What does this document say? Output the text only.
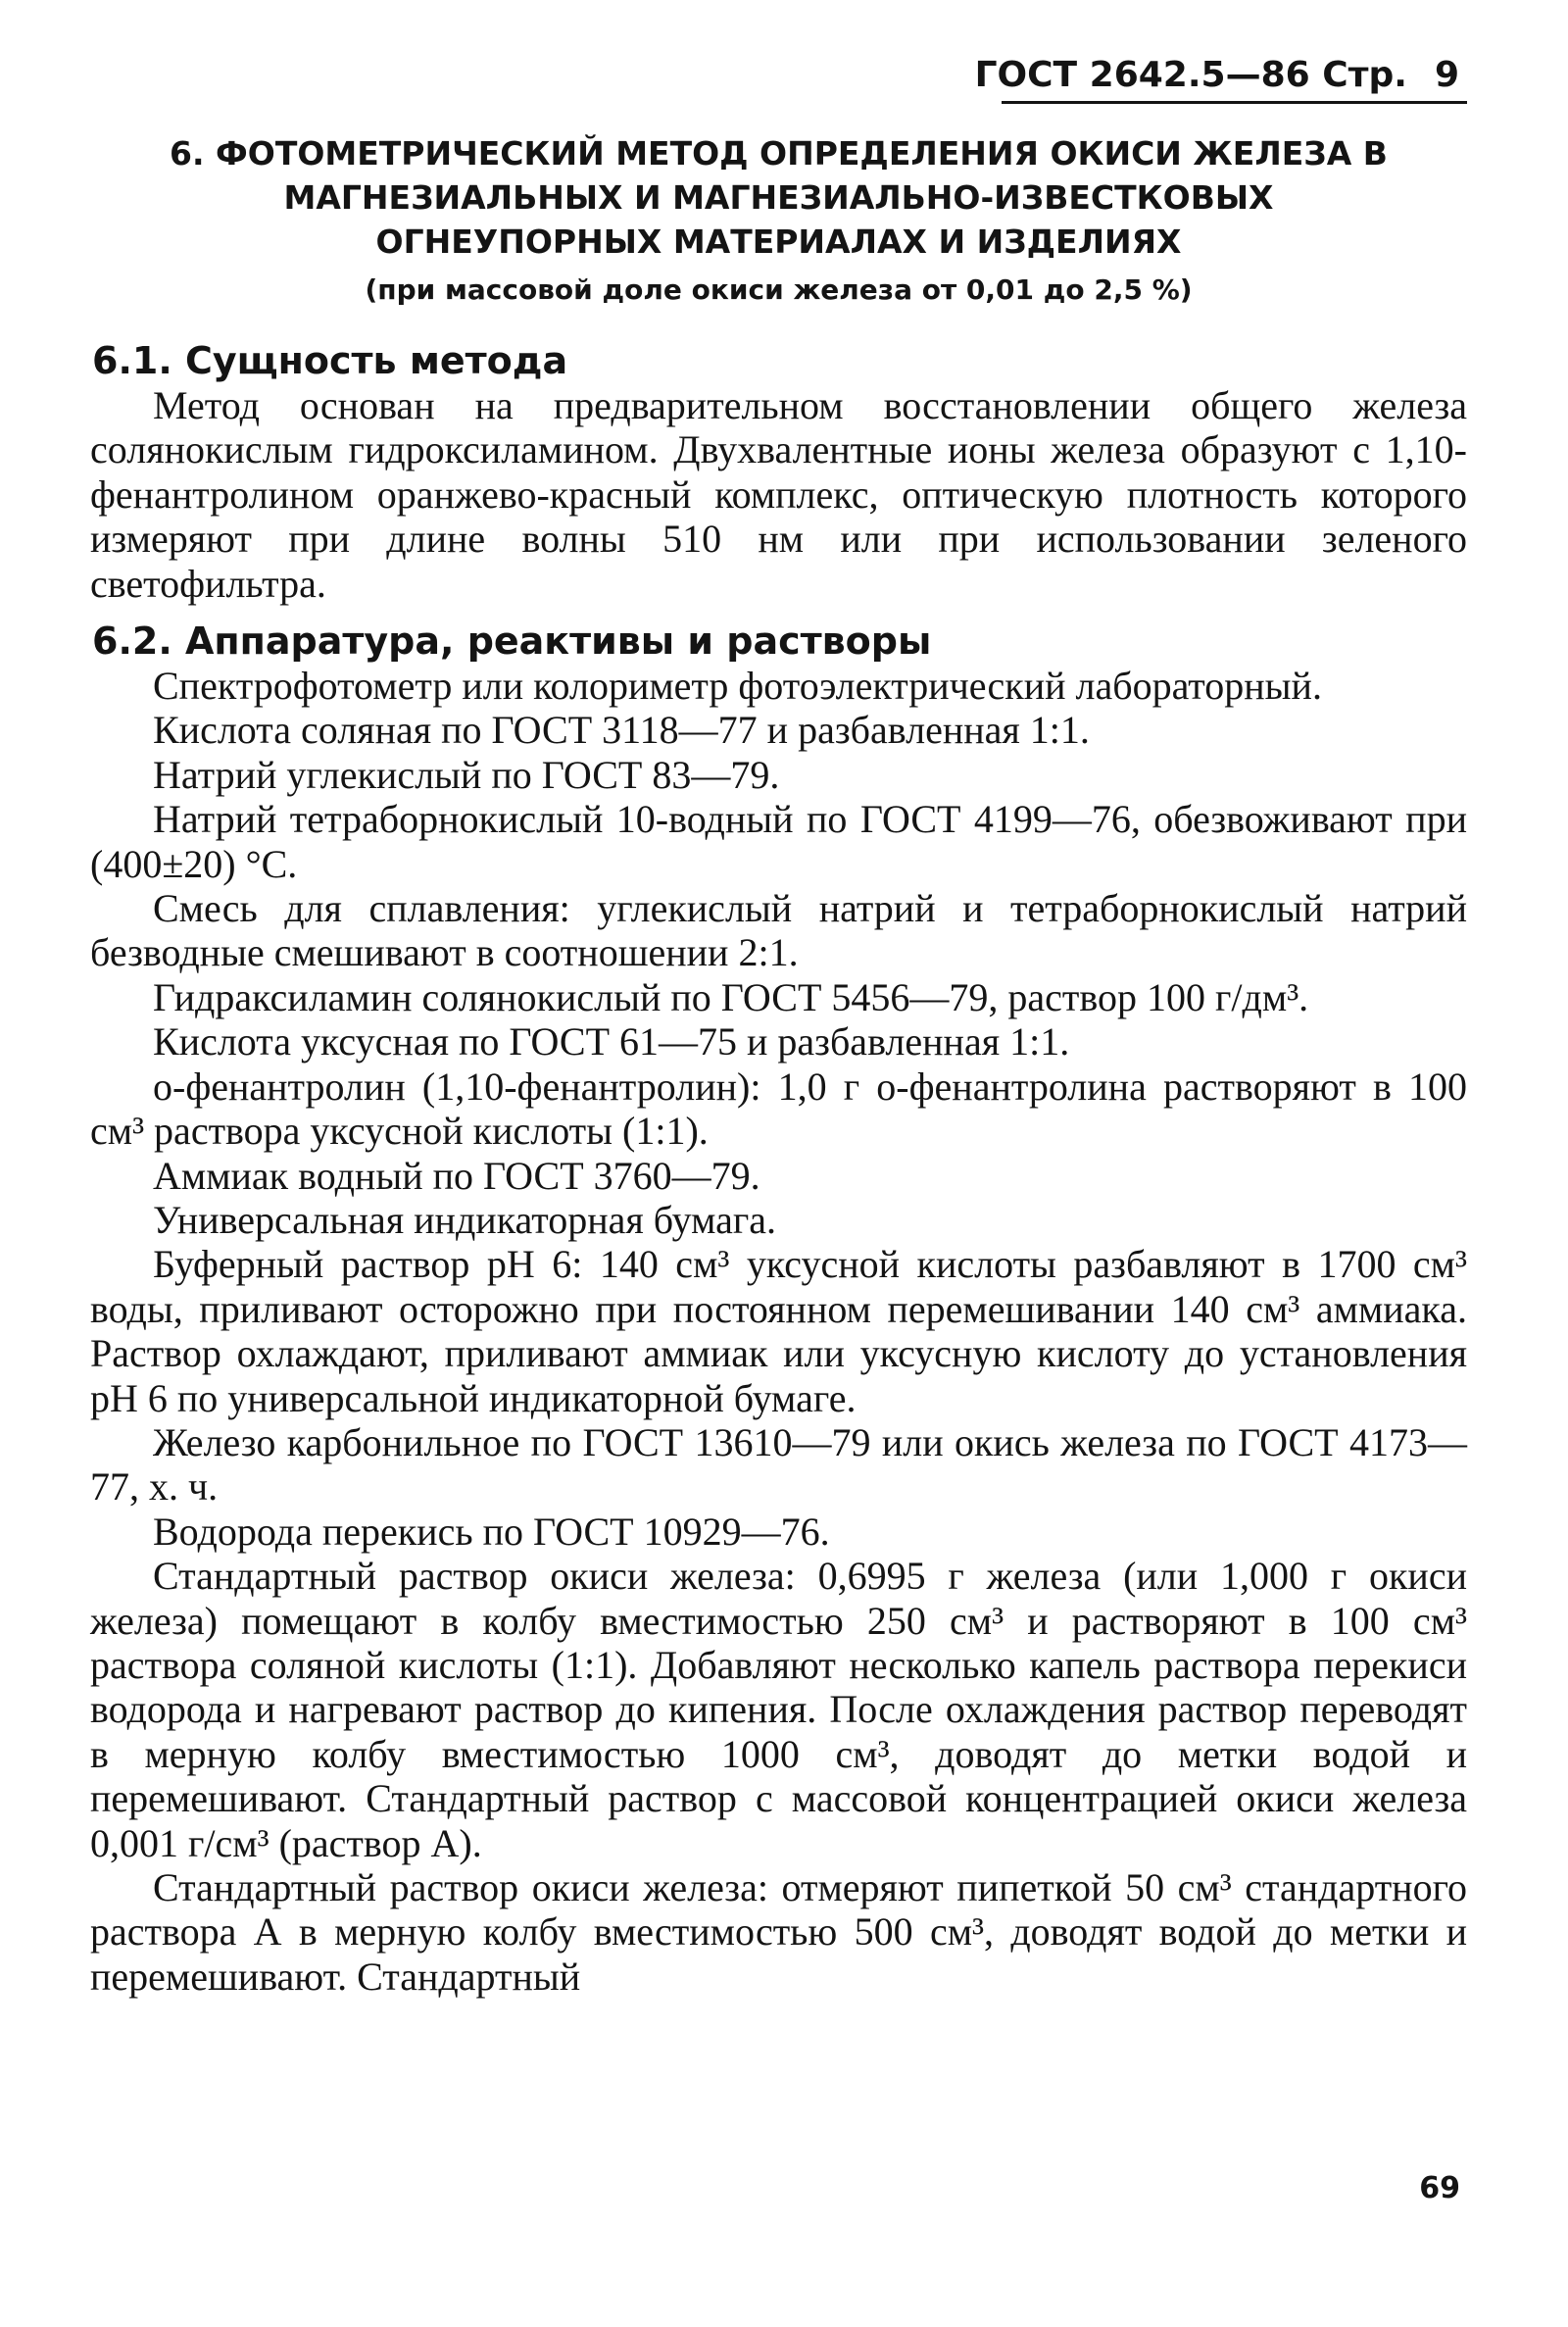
ГОСТ 2642.5—86 Стр. 9
6. ФОТОМЕТРИЧЕСКИЙ МЕТОД ОПРЕДЕЛЕНИЯ ОКИСИ ЖЕЛЕЗА В
МАГНЕЗИАЛЬНЫХ И МАГНЕЗИАЛЬНО-ИЗВЕСТКОВЫХ
ОГНЕУПОРНЫХ МАТЕРИАЛАХ И ИЗДЕЛИЯХ
(при массовой доле окиси железа от 0,01 до 2,5 %)
6.1. Сущность метода

Метод основан на предварительном восстановлении общего железа солянокислым гидроксиламином. Двухвалентные ионы железа образуют с 1,10-фенантролином оранжево-красный комплекс, оптическую плотность которого измеряют при длине волны 510 нм или при использовании зеленого светофильтра.

6.2. Аппаратура, реактивы и растворы

Спектрофотометр или колориметр фотоэлектрический лабораторный.

Кислота соляная по ГОСТ 3118—77 и разбавленная 1:1.

Натрий углекислый по ГОСТ 83—79.

Натрий тетраборнокислый 10-водный по ГОСТ 4199—76, обезвоживают при (400±20) °С.

Смесь для сплавления: углекислый натрий и тетраборнокислый натрий безводные смешивают в соотношении 2:1.

Гидраксиламин солянокислый по ГОСТ 5456—79, раствор 100 г/дм³.

Кислота уксусная по ГОСТ 61—75 и разбавленная 1:1.

о-фенантролин (1,10-фенантролин): 1,0 г о-фенантролина растворяют в 100 см³ раствора уксусной кислоты (1:1).

Аммиак водный по ГОСТ 3760—79.

Универсальная индикаторная бумага.

Буферный раствор рН 6: 140 см³ уксусной кислоты разбавляют в 1700 см³ воды, приливают осторожно при постоянном перемешивании 140 см³ аммиака. Раствор охлаждают, приливают аммиак или уксусную кислоту до установления рН 6 по универсальной индикаторной бумаге.

Железо карбонильное по ГОСТ 13610—79 или окись железа по ГОСТ 4173—77, х. ч.

Водорода перекись по ГОСТ 10929—76.

Стандартный раствор окиси железа: 0,6995 г железа (или 1,000 г окиси железа) помещают в колбу вместимостью 250 см³ и растворяют в 100 см³ раствора соляной кислоты (1:1). Добавляют несколько капель раствора перекиси водорода и нагревают раствор до кипения. После охлаждения раствор переводят в мерную колбу вместимостью 1000 см³, доводят до метки водой и перемешивают. Стандартный раствор с массовой концентрацией окиси железа 0,001 г/см³ (раствор А).

Стандартный раствор окиси железа: отмеряют пипеткой 50 см³ стандартного раствора А в мерную колбу вместимостью 500 см³, доводят водой до метки и перемешивают. Стандартный

69
